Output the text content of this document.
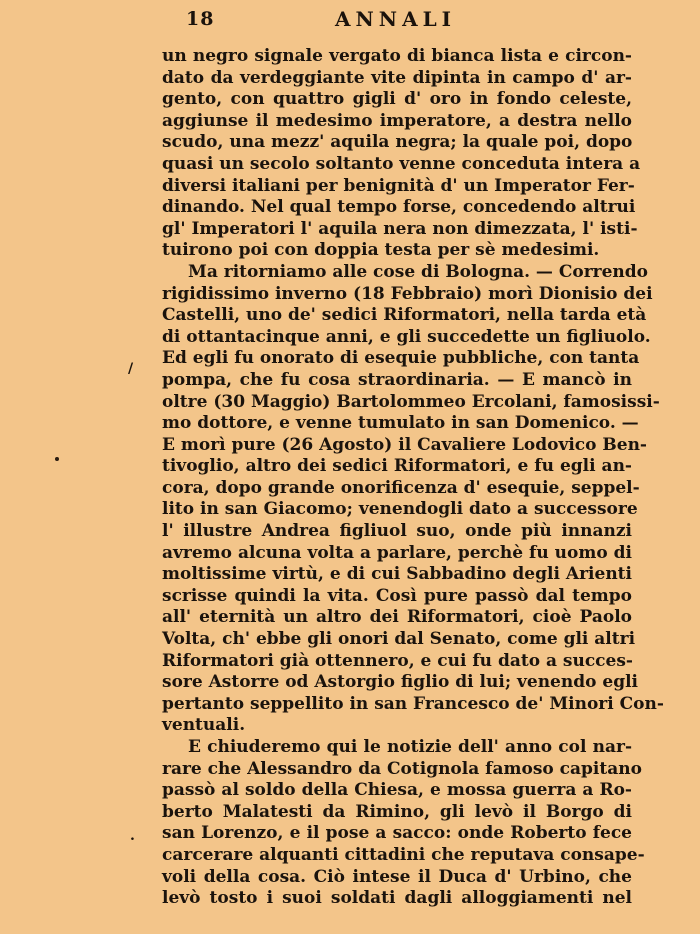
18	ANNALI
un negro signale vergato di bianca lista e circon-
dato da verdeggiante vite dipinta in campo d' ar-
gento, con quattro gigli d' oro in fondo celeste,
aggiunse il medesimo imperatore, a destra nello
scudo, una mezz' aquila negra; la quale poi, dopo
quasi un secolo soltanto venne conceduta intera a
diversi italiani per benignità d' un Imperator Fer-
dinando. Nel qual tempo forse, concedendo altrui
gl' Imperatori l' aquila nera non dimezzata, l' isti-
tuirono poi con doppia testa per sè medesimi.
Ma ritorniamo alle cose di Bologna. — Correndo
rigidissimo inverno (18 Febbraio) morì Dionisio dei
Castelli, uno de' sedici Riformatori, nella tarda età
di ottantacinque anni, e gli succedette un figliuolo.
Ed egli fu onorato di esequie pubbliche, con tanta
pompa, che fu cosa straordinaria. — E mancò in
oltre (30 Maggio) Bartolommeo Ercolani, famosissi-
mo dottore, e venne tumulato in san Domenico. —
E morì pure (26 Agosto) il Cavaliere Lodovico Ben-
tivoglio, altro dei sedici Riformatori, e fu egli an-
cora, dopo grande onorificenza d' esequie, seppel-
lito in san Giacomo; venendogli dato a successore
l' illustre Andrea figliuol suo, onde più innanzi
avremo alcuna volta a parlare, perchè fu uomo di
moltissime virtù, e di cui Sabbadino degli Arienti
scrisse quindi la vita. Così pure passò dal tempo
all' eternità un altro dei Riformatori, cioè Paolo
Volta, ch' ebbe gli onori dal Senato, come gli altri
Riformatori già ottennero, e cui fu dato a succes-
sore Astorre od Astorgio figlio di lui; venendo egli
pertanto seppellito in san Francesco de' Minori Con-
ventuali.
E chiuderemo qui le notizie dell' anno col nar-
rare che Alessandro da Cotignola famoso capitano
passò al soldo della Chiesa, e mossa guerra a Ro-
berto Malatesti da Rimino, gli levò il Borgo di
san Lorenzo, e il pose a sacco: onde Roberto fece
carcerare alquanti cittadini che reputava consape-
voli della cosa. Ciò intese il Duca d' Urbino, che
levò tosto i suoi soldati dagli alloggiamenti nel
/
.
